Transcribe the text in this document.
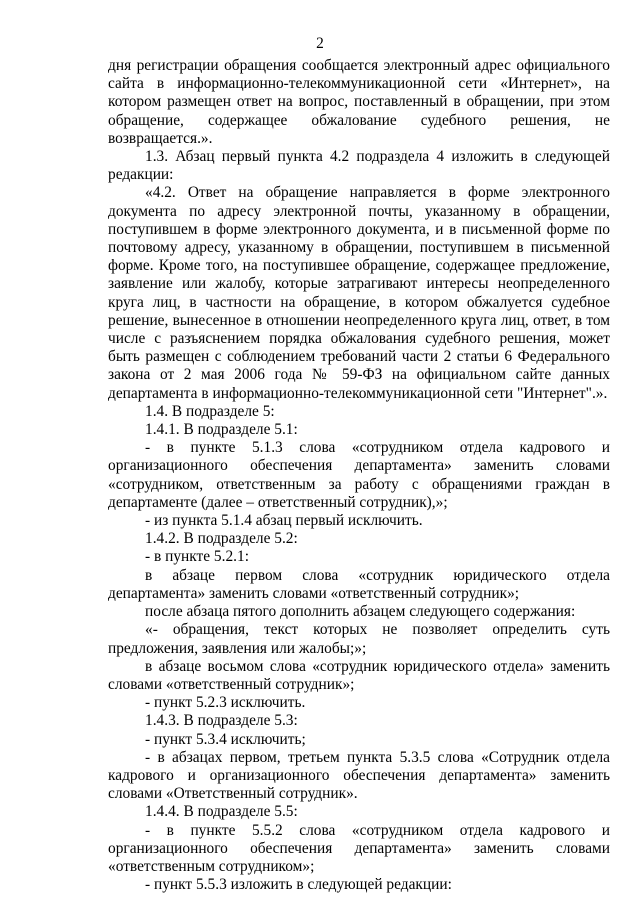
2

дня регистрации обращения сообщается электронный адрес официального сайта в информационно-телекоммуникационной сети «Интернет», на котором размещен ответ на вопрос, поставленный в обращении, при этом обращение, содержащее обжалование судебного решения, не возвращается.».

1.3. Абзац первый пункта 4.2 подраздела 4 изложить в следующей редакции:

«4.2. Ответ на обращение направляется в форме электронного документа по адресу электронной почты, указанному в обращении, поступившем в форме электронного документа, и в письменной форме по почтовому адресу, указанному в обращении, поступившем в письменной форме. Кроме того, на поступившее обращение, содержащее предложение, заявление или жалобу, которые затрагивают интересы неопределенного круга лиц, в частности на обращение, в котором обжалуется судебное решение, вынесенное в отношении неопределенного круга лиц, ответ, в том числе с разъяснением порядка обжалования судебного решения, может быть размещен с соблюдением требований части 2 статьи 6 Федерального закона от 2 мая 2006 года № 59-ФЗ на официальном сайте данных департамента в информационно-телекоммуникационной сети "Интернет".».

1.4. В подразделе 5:

1.4.1. В подразделе 5.1:

- в пункте 5.1.3 слова «сотрудником отдела кадрового и организационного обеспечения департамента» заменить словами «сотрудником, ответственным за работу с обращениями граждан в департаменте (далее – ответственный сотрудник),»;

- из пункта 5.1.4 абзац первый исключить.

1.4.2. В подразделе 5.2:

- в пункте 5.2.1:

в абзаце первом слова «сотрудник юридического отдела департамента» заменить словами «ответственный сотрудник»;

после абзаца пятого дополнить абзацем следующего содержания:

«- обращения, текст которых не позволяет определить суть предложения, заявления или жалобы;»;

в абзаце восьмом слова «сотрудник юридического отдела» заменить словами «ответственный сотрудник»;

- пункт 5.2.3 исключить.

1.4.3. В подразделе 5.3:

- пункт 5.3.4 исключить;

- в абзацах первом, третьем пункта 5.3.5 слова «Сотрудник отдела кадрового и организационного обеспечения департамента» заменить словами «Ответственный сотрудник».

1.4.4. В подразделе 5.5:

- в пункте 5.5.2 слова «сотрудником отдела кадрового и организационного обеспечения департамента» заменить словами «ответственным сотрудником»;

- пункт 5.5.3 изложить в следующей редакции:
